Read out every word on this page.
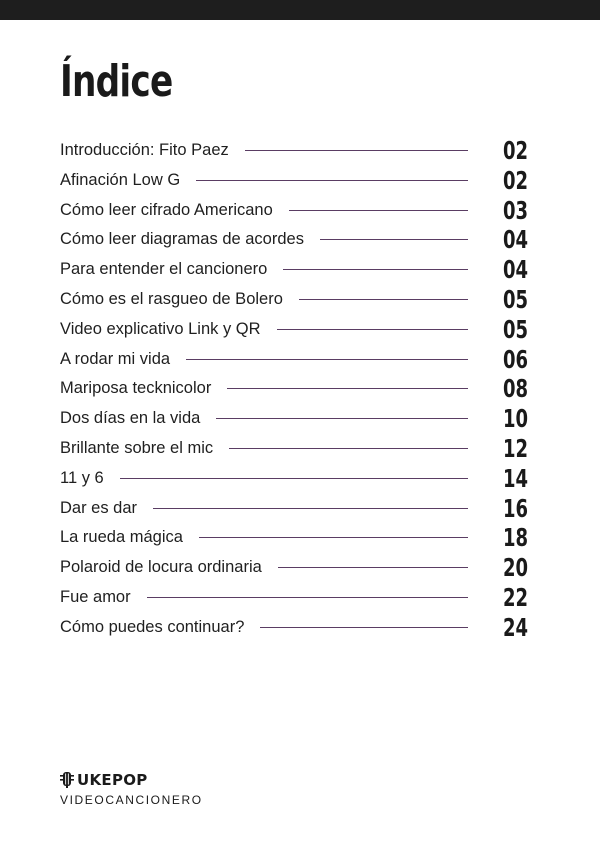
Índice
Introducción: Fito Paez	02
Afinación Low G	02
Cómo leer cifrado Americano	03
Cómo leer diagramas de acordes	04
Para entender el cancionero	04
Cómo es el rasgueo de Bolero	05
Video explicativo Link y QR	05
A rodar mi vida	06
Mariposa tecknicolor	08
Dos días en la vida	10
Brillante sobre el mic	12
11 y 6	14
Dar es dar	16
La rueda mágica	18
Polaroid de locura ordinaria	20
Fue amor	22
Cómo puedes continuar?	24
UKEPOP
VIDEOCANCIONERO
